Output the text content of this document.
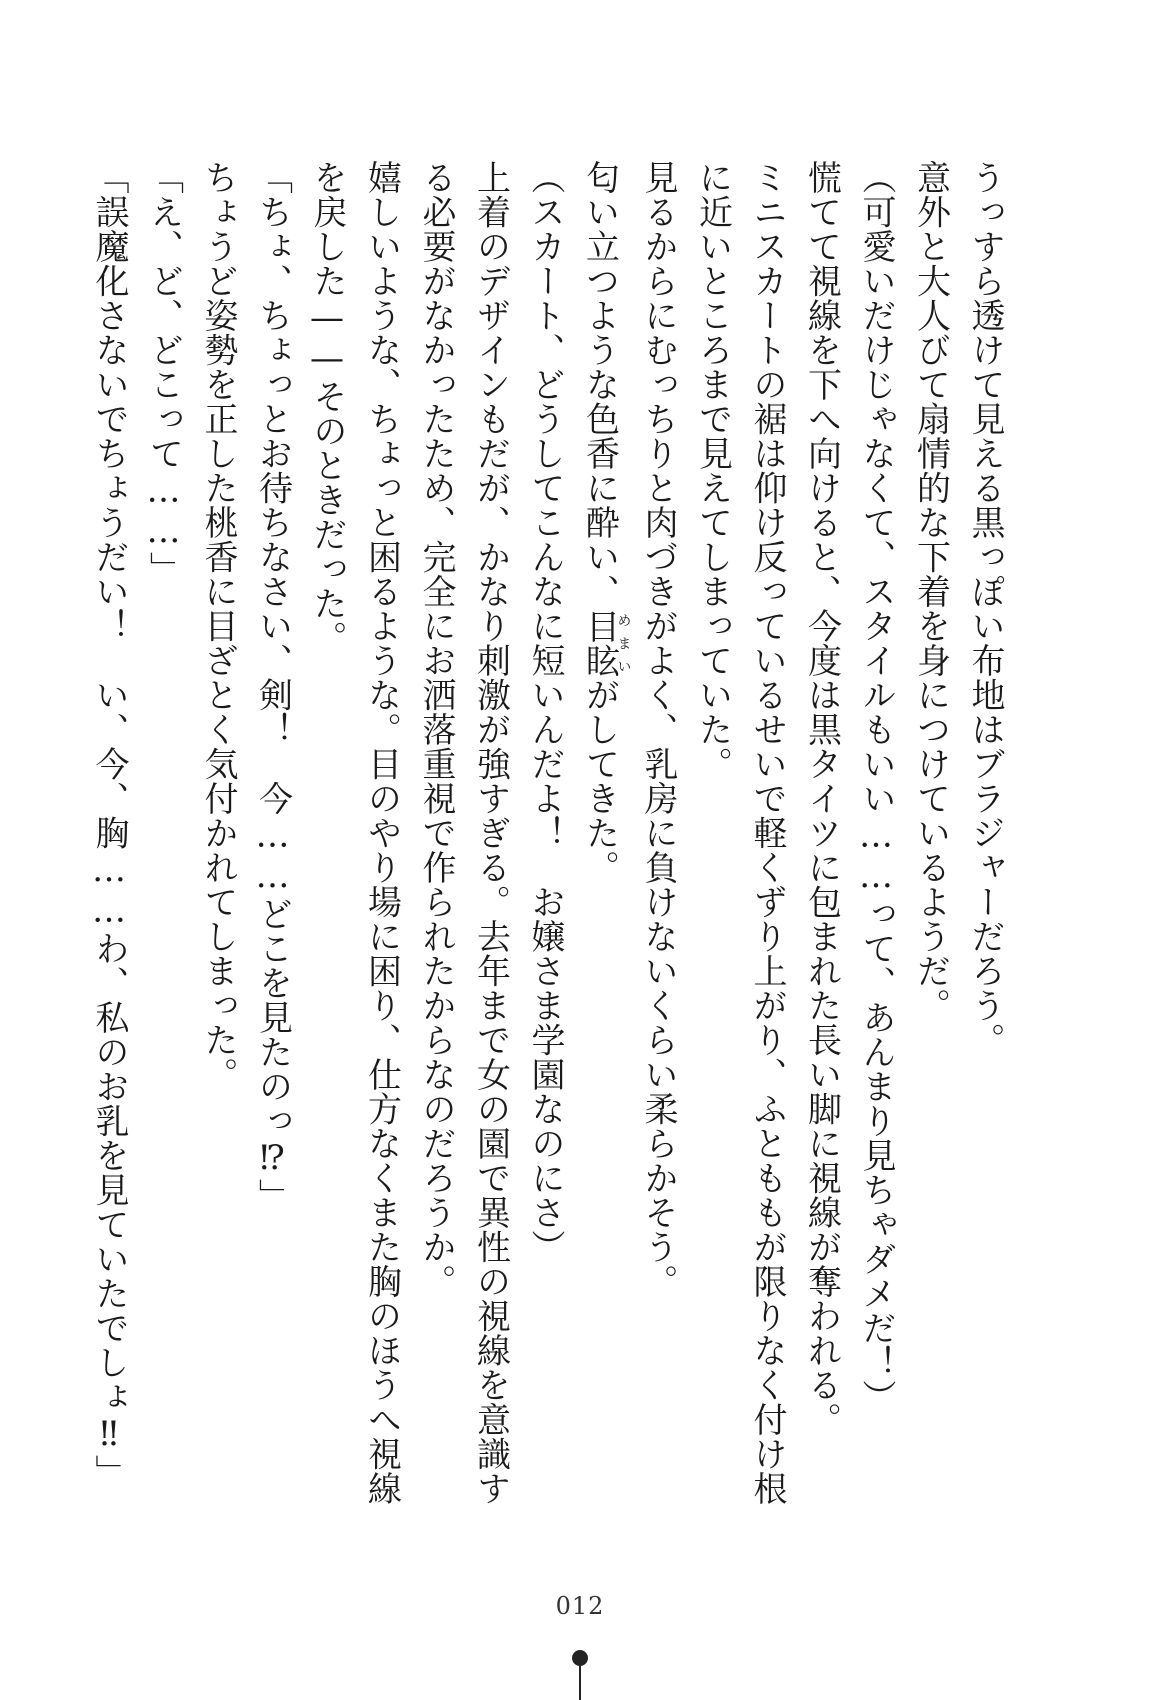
うっすら透けて見える黒っぽい布地はブラジャーだろう。

意外と大人びて扇情的な下着を身につけているようだ。

（可愛いだけじゃなくて、スタイルもいい……って、あんまり見ちゃダメだ！）

慌てて視線を下へ向けると、今度は黒タイツに包まれた長い脚に視線が奪われる。

ミニスカートの裾は仰け反っているせいで軽くずり上がり、ふとももが限りなく付け根

に近いところまで見えてしまっていた。

見るからにむっちりと肉づきがよく、乳房に負けないくらい柔らかそう。

匂い立つような色香に酔い、目眩めまいがしてきた。

（スカート、どうしてこんなに短いんだよ！　お嬢さま学園なのにさ）

上着のデザインもだが、かなり刺激が強すぎる。去年まで女の園で異性の視線を意識す

る必要がなかったため、完全にお洒落重視で作られたからなのだろうか。

嬉しいような、ちょっと困るような。目のやり場に困り、仕方なくまた胸のほうへ視線

を戻した——そのときだった。

「ちょ、ちょっとお待ちなさい、剣！　今……どこを見たのっ⁉」

ちょうど姿勢を正した桃香に目ざとく気付かれてしまった。

「え、ど、どこって……」

「誤魔化さないでちょうだい！　い、今、胸……わ、私のお乳を見ていたでしょ‼」

012
